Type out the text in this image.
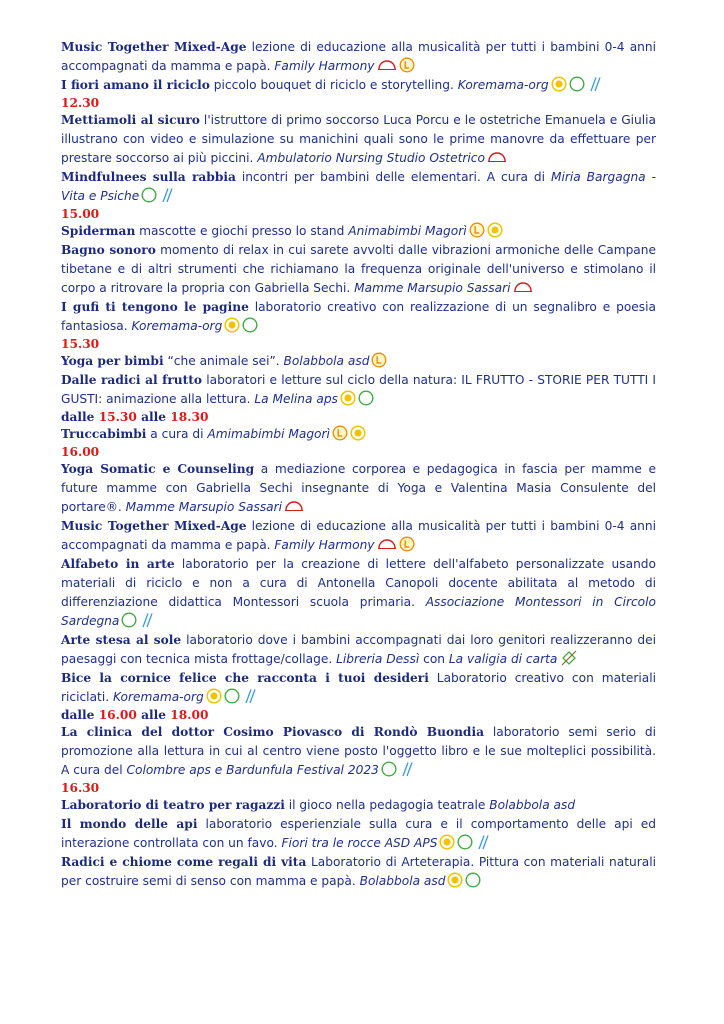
Music Together Mixed-Age lezione di educazione alla musicalità per tutti i bambini 0-4 anni accompagnati da mamma e papà. Family Harmony

I fiori amano il riciclo piccolo bouquet di riciclo e storytelling. Koremama-org

12.30

Mettiamoli al sicuro l'istruttore di primo soccorso Luca Porcu e le ostetriche Emanuela e Giulia illustrano con video e simulazione su manichini quali sono le prime manovre da effettuare per prestare soccorso ai più piccini. Ambulatorio Nursing Studio Ostetrico

Mindfulnees sulla rabbia incontri per bambini delle elementari. A cura di Miria Bargagna - Vita e Psiche

15.00

Spiderman mascotte e giochi presso lo stand Animabimbi Magorì

Bagno sonoro momento di relax in cui sarete avvolti dalle vibrazioni armoniche delle Campane tibetane e di altri strumenti che richiamano la frequenza originale dell'universo e stimolano il corpo a ritrovare la propria con Gabriella Sechi. Mamme Marsupio Sassari

I gufi ti tengono le pagine laboratorio creativo con realizzazione di un segnalibro e poesia fantasiosa. Koremama-org

15.30

Yoga per bimbi “che animale sei”. Bolabbola asd

Dalle radici al frutto laboratori e letture sul ciclo della natura: IL FRUTTO - STORIE PER TUTTI I GUSTI: animazione alla lettura. La Melina aps

dalle 15.30 alle 18.30

Truccabimbi a cura di Amimabimbi Magorì

16.00

Yoga Somatic e Counseling a mediazione corporea e pedagogica in fascia per mamme e future mamme con Gabriella Sechi insegnante di Yoga e Valentina Masia Consulente del portare®. Mamme Marsupio Sassari

Music Together Mixed-Age lezione di educazione alla musicalità per tutti i bambini 0-4 anni accompagnati da mamma e papà. Family Harmony

Alfabeto in arte laboratorio per la creazione di lettere dell'alfabeto personalizzate usando materiali di riciclo e non a cura di Antonella Canopoli docente abilitata al metodo di differenziazione didattica Montessori scuola primaria. Associazione Montessori in Circolo Sardegna

Arte stesa al sole laboratorio dove i bambini accompagnati dai loro genitori realizzeranno dei paesaggi con tecnica mista frottage/collage. Libreria Dessì con La valigia di carta

Bice la cornice felice che racconta i tuoi desideri Laboratorio creativo con materiali riciclati. Koremama-org

dalle 16.00 alle 18.00

La clinica del dottor Cosimo Piovasco di Rondò Buondia laboratorio semi serio di promozione alla lettura in cui al centro viene posto l'oggetto libro e le sue molteplici possibilità. A cura del Colombre aps e Bardunfula Festival 2023

16.30

Laboratorio di teatro per ragazzi il gioco nella pedagogia teatrale Bolabbola asd

Il mondo delle api laboratorio esperienziale sulla cura e il comportamento delle api ed interazione controllata con un favo. Fiori tra le rocce ASD APS

Radici e chiome come regali di vita Laboratorio di Arteterapia. Pittura con materiali naturali per costruire semi di senso con mamma e papà. Bolabbola asd
